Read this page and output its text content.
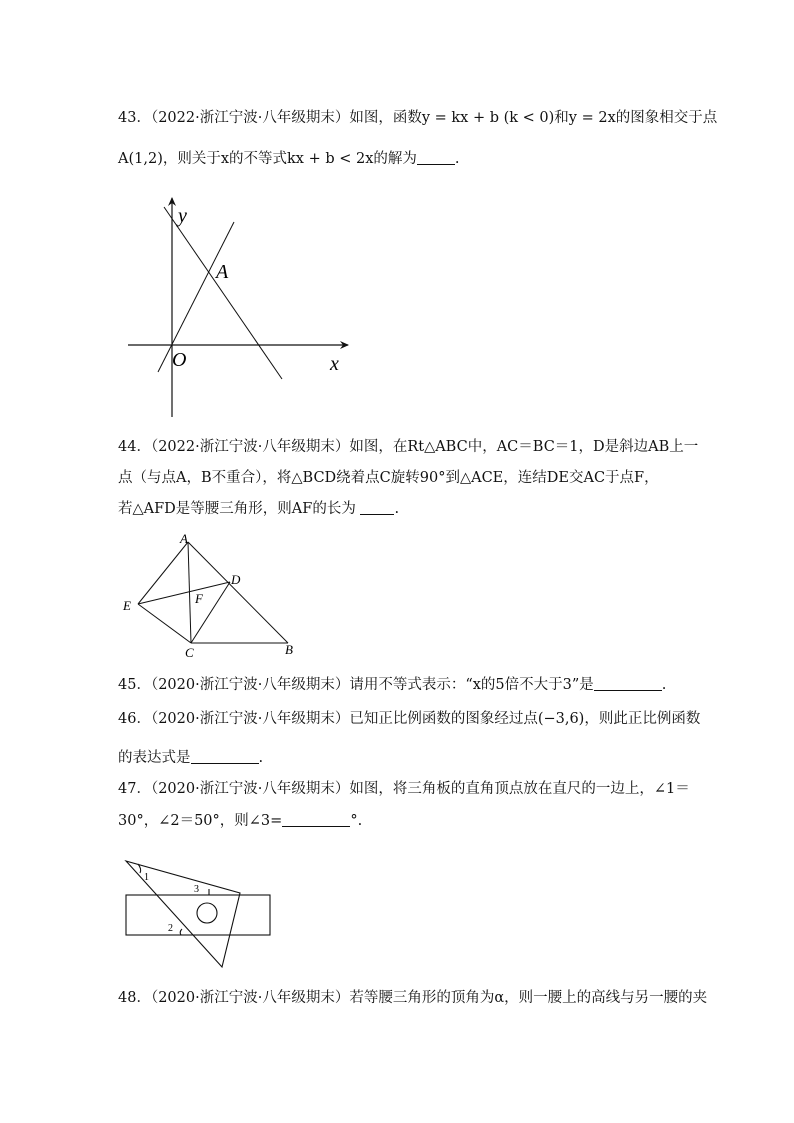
43．（2022·浙江宁波·八年级期末）如图，函数y = kx + b (k < 0)和y = 2x的图象相交于点
A(1,2)，则关于x的不等式kx + b < 2x的解为	.
y
x
O
A
44．（2022·浙江宁波·八年级期末）如图，在Rt△ABC中，AC＝BC＝1，D是斜边AB上一
点（与点A，B不重合），将△BCD绕着点C旋转90°到△ACE，连结DE交AC于点F，
若△AFD是等腰三角形，则AF的长为	.
A
D
E	F
C	B
45．（2020·浙江宁波·八年级期末）请用不等式表示：“x的5倍不大于3”是	.
46．（2020·浙江宁波·八年级期末）已知正比例函数的图象经过点(−3,6)，则此正比例函数
的表达式是	.
47．（2020·浙江宁波·八年级期末）如图，将三角板的直角顶点放在直尺的一边上，∠1＝
30°，∠2＝50°，则∠3=	°.
1
3
2
48．（2020·浙江宁波·八年级期末）若等腰三角形的顶角为α，则一腰上的高线与另一腰的夹
